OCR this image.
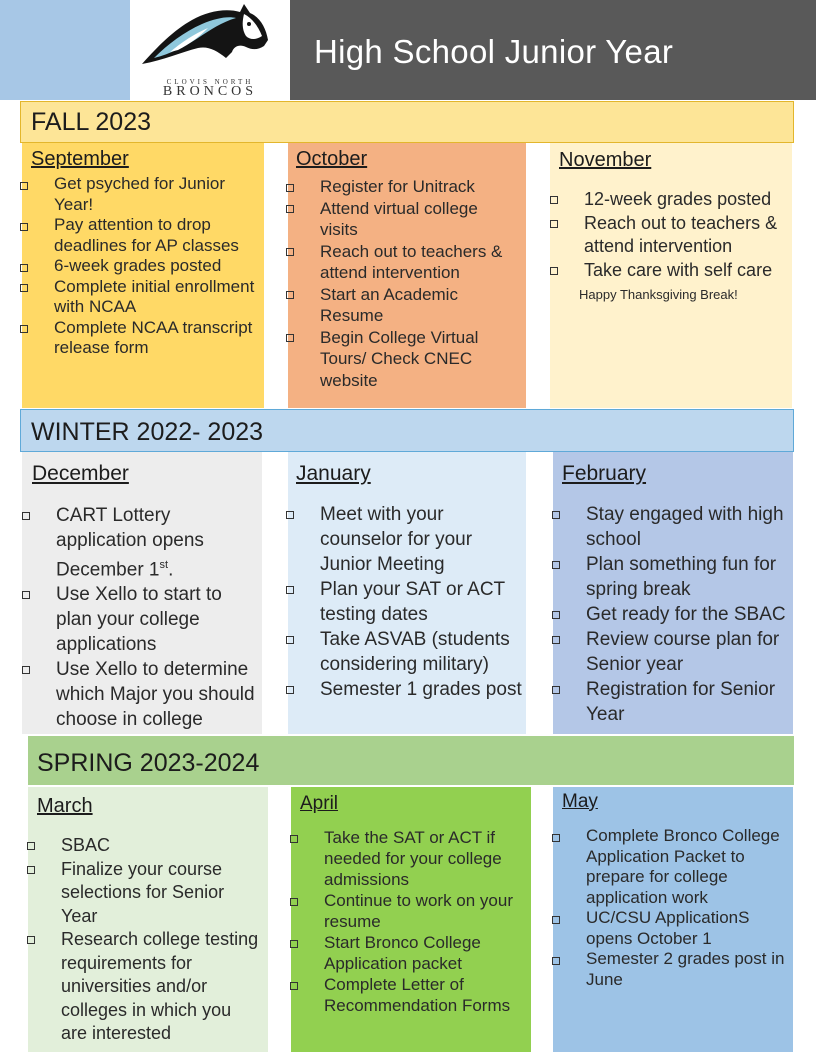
CLOVIS NORTH
BRONCOS
High School Junior Year
FALL 2023
September
Get psyched for Junior Year!
Pay attention to drop deadlines for AP classes
6-week grades posted
Complete initial enrollment with NCAA
Complete NCAA transcript release form
October
Register for Unitrack
Attend virtual college visits
Reach out to teachers & attend intervention
Start an Academic Resume
Begin College Virtual Tours/ Check CNEC website
November
12-week grades posted
Reach out to teachers & attend intervention
Take care with self care
Happy Thanksgiving Break!
WINTER 2022- 2023
December
CART Lottery application opens December 1st.
Use Xello to start to plan your college applications
Use Xello to determine which Major you should choose in college
January
Meet with your counselor for your Junior Meeting
Plan your SAT or ACT testing dates
Take ASVAB (students considering military)
Semester 1 grades post
February
Stay engaged with high school
Plan something fun for spring break
Get ready for the SBAC
Review course plan for Senior year
Registration for Senior Year
SPRING 2023-2024
March
SBAC
Finalize your course selections for Senior Year
Research college testing requirements for universities and/or colleges in which you are interested
April
Take the SAT or ACT if needed for your college admissions
Continue to work on your resume
Start Bronco College Application packet
Complete Letter of Recommendation Forms
May
Complete Bronco College Application Packet to prepare for college application work
UC/CSU ApplicationS opens October 1
Semester 2 grades post in June
